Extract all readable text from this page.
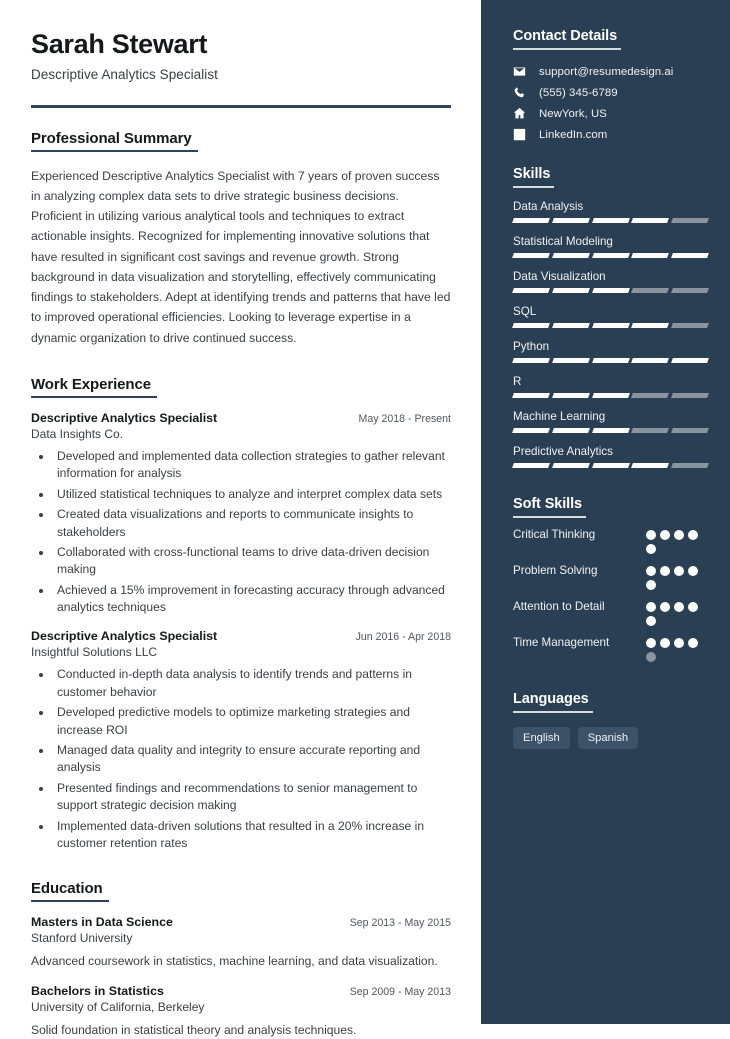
Sarah Stewart
Descriptive Analytics Specialist
Professional Summary

Experienced Descriptive Analytics Specialist with 7 years of proven success in analyzing complex data sets to drive strategic business decisions. Proficient in utilizing various analytical tools and techniques to extract actionable insights. Recognized for implementing innovative solutions that have resulted in significant cost savings and revenue growth. Strong background in data visualization and storytelling, effectively communicating findings to stakeholders. Adept at identifying trends and patterns that have led to improved operational efficiencies. Looking to leverage expertise in a dynamic organization to drive continued success.

Work Experience
Descriptive Analytics Specialist	May 2018 - Present
Data Insights Co.
• Developed and implemented data collection strategies to gather relevant information for analysis
• Utilized statistical techniques to analyze and interpret complex data sets
• Created data visualizations and reports to communicate insights to stakeholders
• Collaborated with cross-functional teams to drive data-driven decision making
• Achieved a 15% improvement in forecasting accuracy through advanced analytics techniques
Descriptive Analytics Specialist	Jun 2016 - Apr 2018
Insightful Solutions LLC
• Conducted in-depth data analysis to identify trends and patterns in customer behavior
• Developed predictive models to optimize marketing strategies and increase ROI
• Managed data quality and integrity to ensure accurate reporting and analysis
• Presented findings and recommendations to senior management to support strategic decision making
• Implemented data-driven solutions that resulted in a 20% increase in customer retention rates
Education
Masters in Data Science	Sep 2013 - May 2015
Stanford University
Advanced coursework in statistics, machine learning, and data visualization.
Bachelors in Statistics	Sep 2009 - May 2013
University of California, Berkeley
Solid foundation in statistical theory and analysis techniques.
Contact Details
support@resumedesign.ai
(555) 345-6789
NewYork, US
LinkedIn.com
Skills
Data Analysis
Statistical Modeling
Data Visualization
SQL
Python
R
Machine Learning
Predictive Analytics
Soft Skills
Critical Thinking
Problem Solving
Attention to Detail
Time Management
Languages
English	Spanish
